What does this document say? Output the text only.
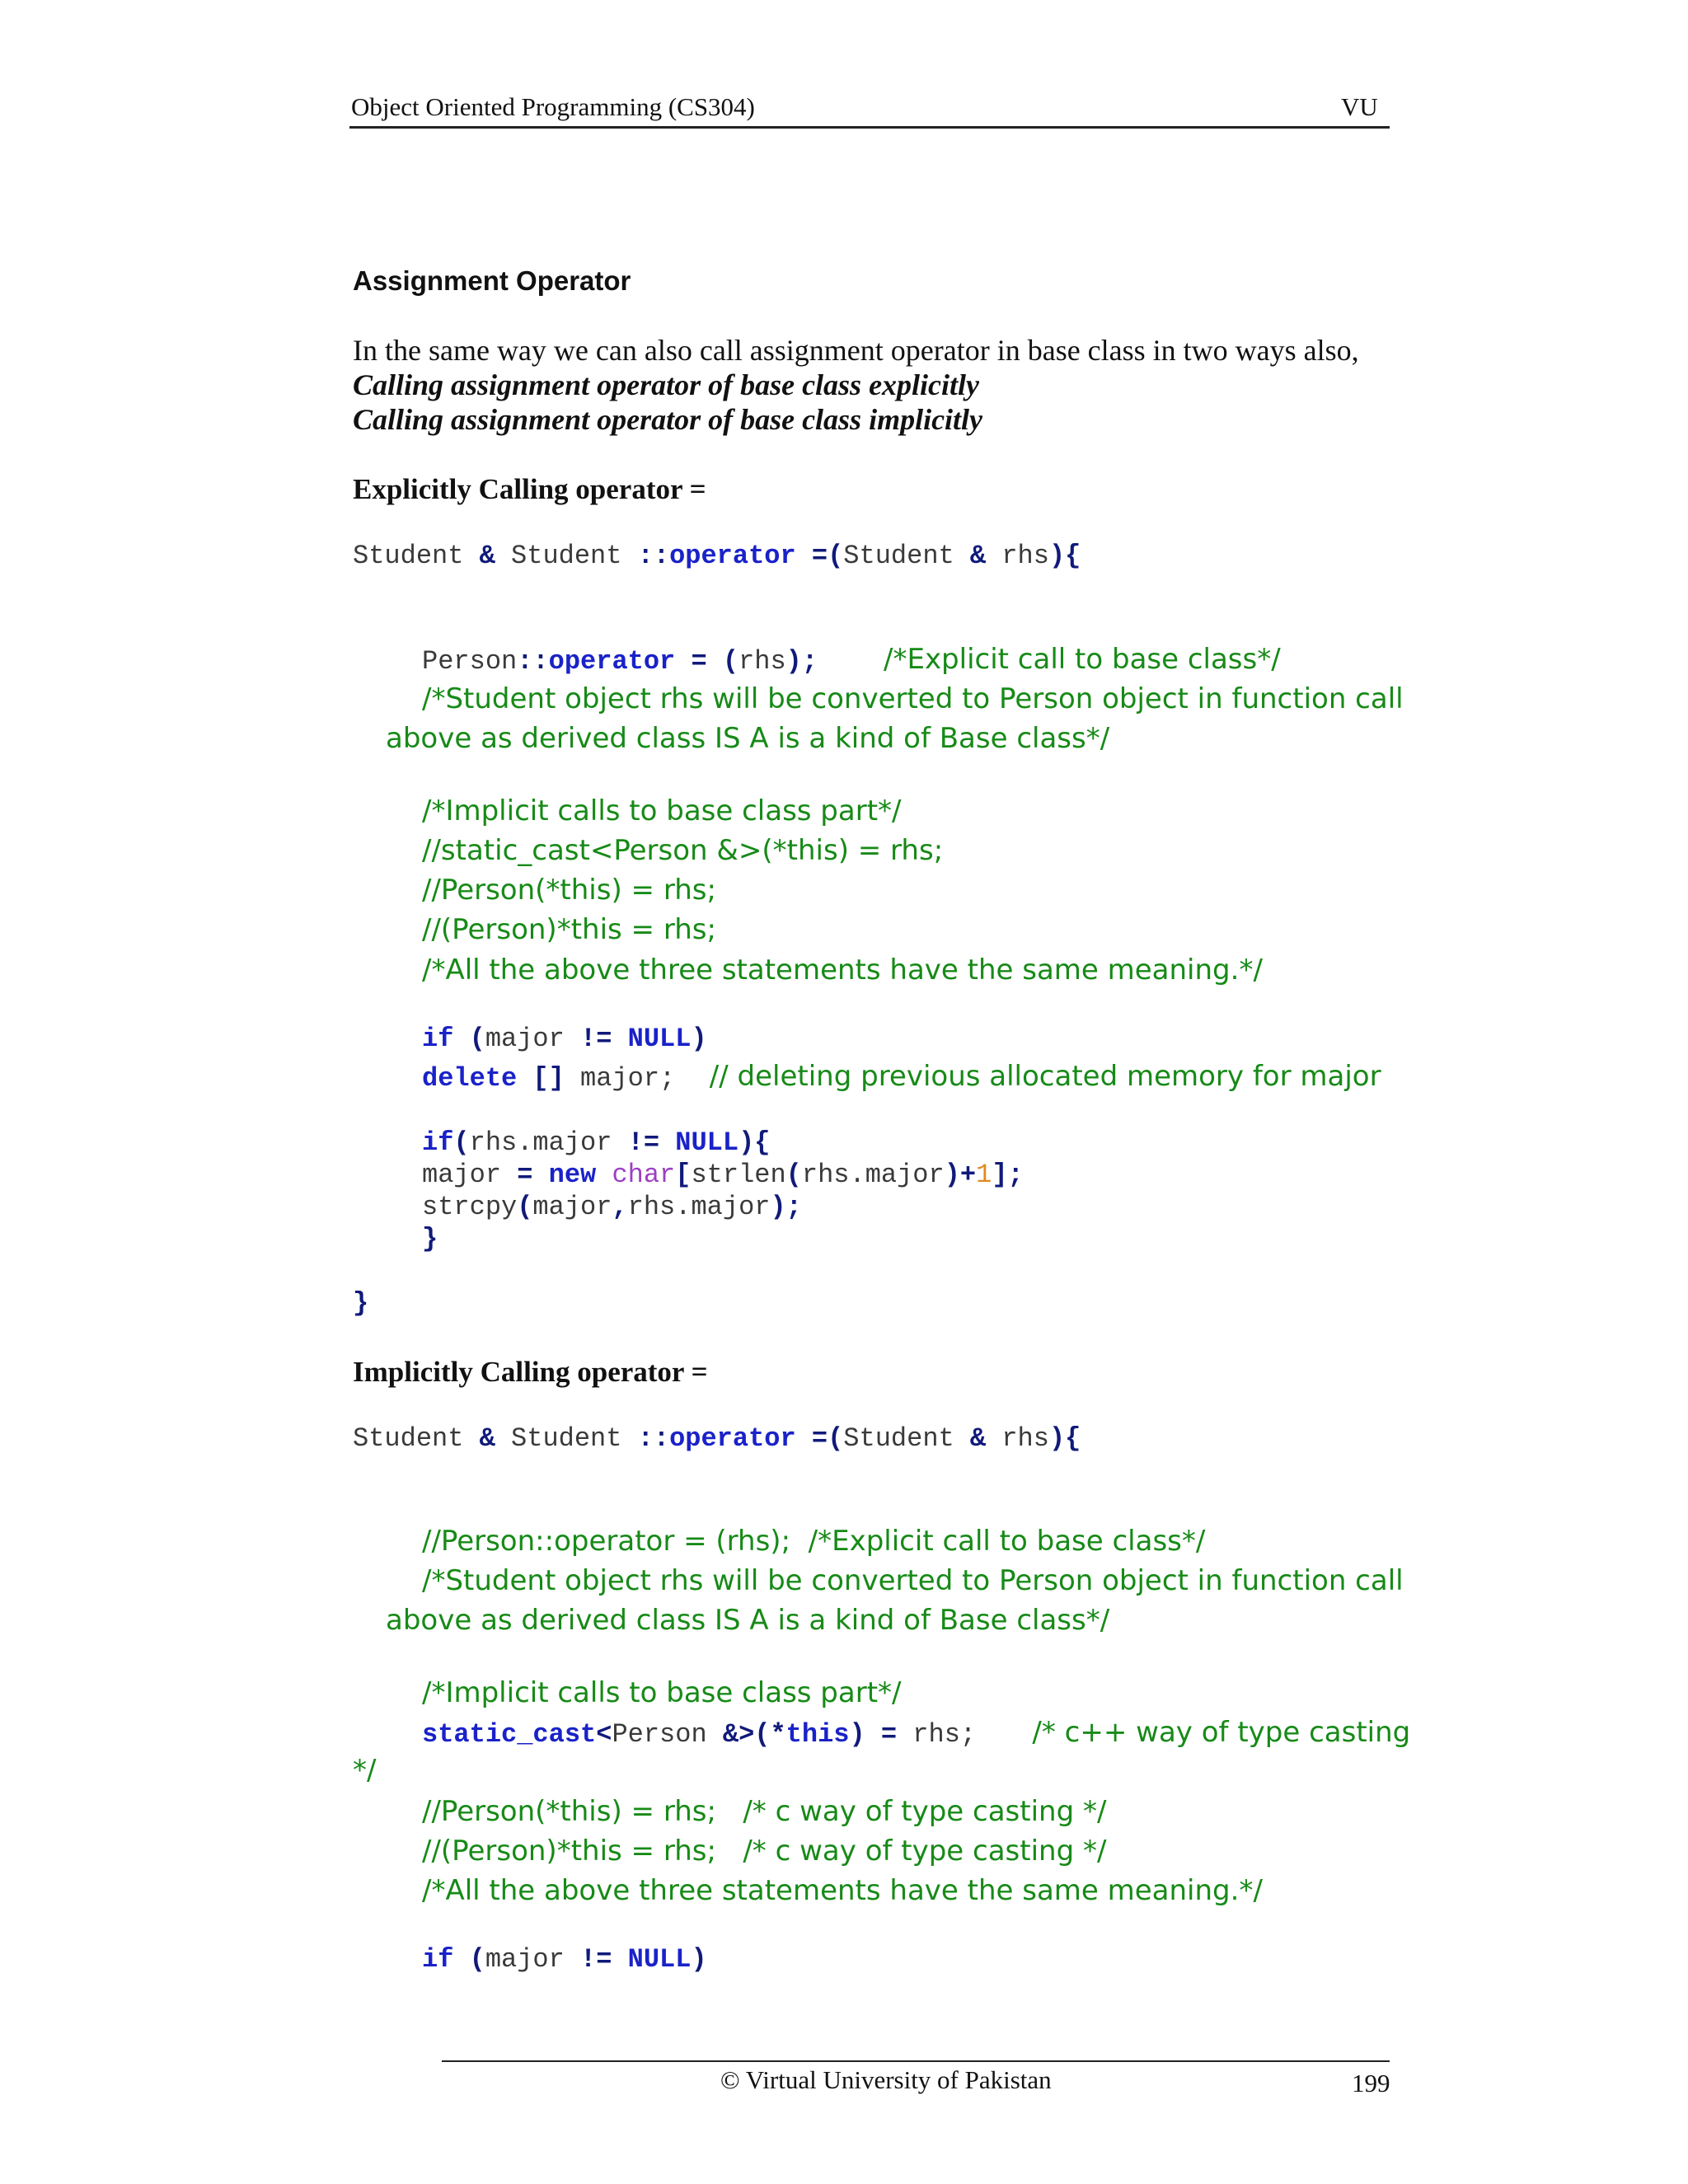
Object Oriented Programming (CS304)	VU
Assignment Operator
In the same way we can also call assignment operator in base class in two ways also,
Calling assignment operator of base class explicitly
Calling assignment operator of base class implicitly
Explicitly Calling operator =
Student & Student ::operator =(Student & rhs){
Person::operator = (rhs); /*Explicit call to base class*/
/*Student object rhs will be converted to Person object in function call
above as derived class IS A is a kind of Base class*/
/*Implicit calls to base class part*/
//static_cast<Person &>(*this) = rhs;
//Person(*this) = rhs;
//(Person)*this = rhs;
/*All the above three statements have the same meaning.*/
if (major != NULL)
delete [] major; // deleting previous allocated memory for major
if(rhs.major != NULL){
major = new char[strlen(rhs.major)+1];
strcpy(major,rhs.major);
}
}
Implicitly Calling operator =
Student & Student ::operator =(Student & rhs){
//Person::operator = (rhs);  /*Explicit call to base class*/
/*Student object rhs will be converted to Person object in function call
above as derived class IS A is a kind of Base class*/
/*Implicit calls to base class part*/
static_cast<Person &>(*this) = rhs; /* c++ way of type casting
*/
//Person(*this) = rhs;   /* c way of type casting */
//(Person)*this = rhs;   /* c way of type casting */
/*All the above three statements have the same meaning.*/
if (major != NULL)
© Virtual University of Pakistan	199
